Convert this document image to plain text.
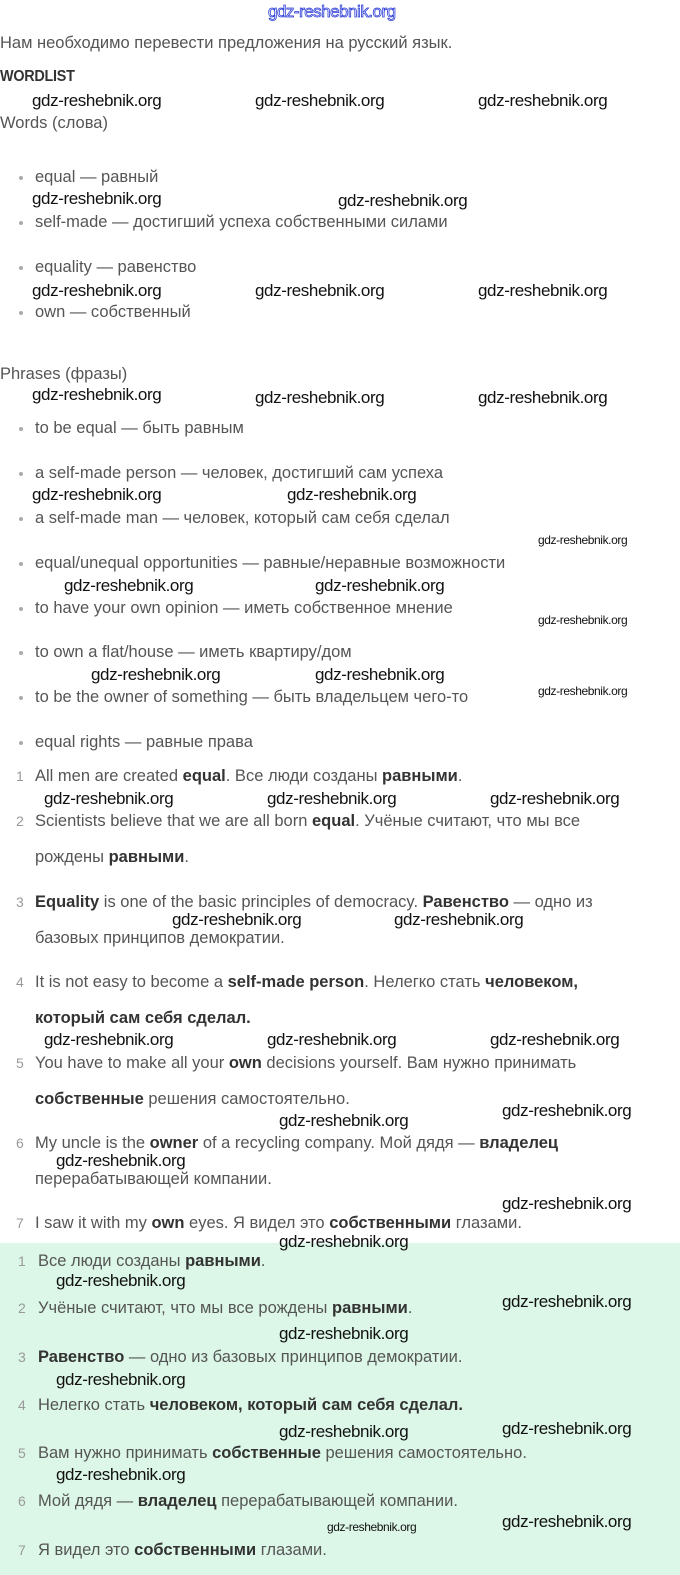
gdz-reshebnik.org
Нам необходимо перевести предложения на русский язык.
WORDLIST
Words (слова)
Phrases (фразы)
equal — равный
self-made — достигший успеха собственными силами
equality — равенство
own — собственный
to be equal — быть равным
a self-made person — человек, достигший сам успеха
a self-made man — человек, который сам себя сделал
equal/unequal opportunities — равные/неравные возможности
to have your own opinion — иметь собственное мнение
to own a flat/house — иметь квартиру/дом
to be the owner of something — быть владельцем чего-то
equal rights — равные права
1 All men are created equal. Все люди созданы равными.
2 Scientists believe that we are all born equal. Учёные считают, что мы все
рождены равными.
3 Equality is one of the basic principles of democracy. Равенство — одно из
базовых принципов демократии.
4 It is not easy to become a self-made person. Нелегко стать человеком,
который сам себя сделал.
5 You have to make all your own decisions yourself. Вам нужно принимать
собственные решения самостоятельно.
6 My uncle is the owner of a recycling company. Мой дядя — владелец
перерабатывающей компании.
7 I saw it with my own eyes. Я видел это собственными глазами.
1 Все люди созданы равными.
2 Учёные считают, что мы все рождены равными.
3 Равенство — одно из базовых принципов демократии.
4 Нелегко стать человеком, который сам себя сделал.
5 Вам нужно принимать собственные решения самостоятельно.
6 Мой дядя — владелец перерабатывающей компании.
7 Я видел это собственными глазами.
gdz-reshebnik.org	gdz-reshebnik.org	gdz-reshebnik.org
gdz-reshebnik.org	gdz-reshebnik.org
gdz-reshebnik.org	gdz-reshebnik.org	gdz-reshebnik.org
gdz-reshebnik.org	gdz-reshebnik.org	gdz-reshebnik.org
gdz-reshebnik.org	gdz-reshebnik.org
gdz-reshebnik.org
gdz-reshebnik.org	gdz-reshebnik.org
gdz-reshebnik.org
gdz-reshebnik.org	gdz-reshebnik.org
gdz-reshebnik.org
gdz-reshebnik.org	gdz-reshebnik.org	gdz-reshebnik.org
gdz-reshebnik.org	gdz-reshebnik.org
gdz-reshebnik.org	gdz-reshebnik.org
gdz-reshebnik.org
gdz-reshebnik.org
gdz-reshebnik.org
gdz-reshebnik.org
gdz-reshebnik.org
gdz-reshebnik.org
gdz-reshebnik.org
gdz-reshebnik.org
gdz-reshebnik.org
gdz-reshebnik.org
gdz-reshebnik.org
gdz-reshebnik.org
gdz-reshebnik.org
gdz-reshebnik.org
gdz-reshebnik.org
